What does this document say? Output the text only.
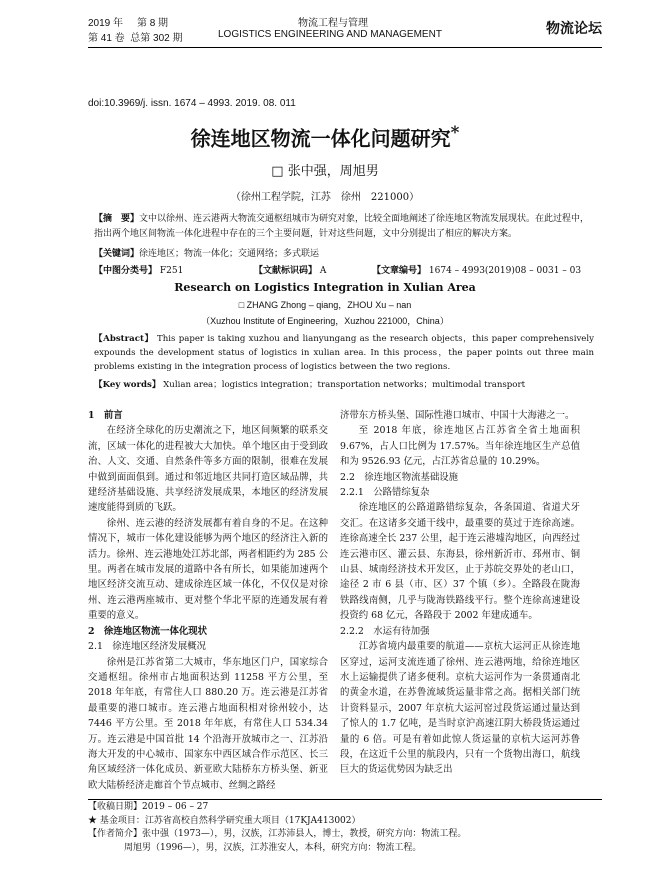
2019 年 第 8 期
第 41 卷 总第 302 期
物流工程与管理
LOGISTICS ENGINEERING AND MANAGEMENT	物流论坛
doi:10.3969/j. issn. 1674 – 4993. 2019. 08. 011
徐连地区物流一体化问题研究*
□ 张中强，周旭男
（徐州工程学院，江苏　徐州　221000）
【摘　要】文中以徐州、连云港两大物流交通枢纽城市为研究对象，比较全面地阐述了徐连地区物流发展现状。在此过程中，指出两个地区间物流一体化进程中存在的三个主要问题，针对这些问题，文中分别提出了相应的解决方案。
【关键词】徐连地区；物流一体化；交通网络；多式联运
【中图分类号】 F251	【文献标识码】 A	【文章编号】 1674 – 4993(2019)08 – 0031 – 03
Research on Logistics Integration in Xulian Area
□ ZHANG Zhong – qiang，ZHOU Xu – nan
（Xuzhou Institute of Engineering，Xuzhou 221000，China）
【Abstract】 This paper is taking xuzhou and lianyungang as the research objects，this paper comprehensively expounds the development status of logistics in xulian area. In this process，the paper points out three main problems existing in the integration process of logistics between the two regions.
【Key words】 Xulian area；logistics integration；transportation networks；multimodal transport
1　前言

在经济全球化的历史潮流之下，地区间频繁的联系交流，区域一体化的进程被大大加快。单个地区由于受到政治、人文、交通、自然条件等多方面的限制，很难在发展中做到面面俱到。通过和邻近地区共同打造区域品牌，共建经济基础设施、共享经济发展成果，本地区的经济发展速度能得到质的飞跃。

徐州、连云港的经济发展都有着自身的不足。在这种情况下，城市一体化建设能够为两个地区的经济注入新的活力。徐州、连云港地处江苏北部，两者相距约为 285 公里。两者在城市发展的道路中各有所长，如果能加速两个地区经济交流互动、建成徐连区域一体化，不仅仅是对徐州、连云港两座城市、更对整个华北平原的连通发展有着重要的意义。

2　徐连地区物流一体化现状
2.1　徐连地区经济发展概况

徐州是江苏省第二大城市，华东地区门户，国家综合交通枢纽。徐州市占地面积达到 11258 平方公里，至 2018 年年底，有常住人口 880.20 万。连云港是江苏省最重要的港口城市。连云港占地面积相对徐州较小，达 7446 平方公里。至 2018 年年底，有常住人口 534.34 万。连云港是中国首批 14 个沿海开放城市之一、江苏沿海大开发的中心城市、国家东中西区域合作示范区、长三角区域经济一体化成员、新亚欧大陆桥东方桥头堡、新亚欧大陆桥经济走廊首个节点城市、丝绸之路经

济带东方桥头堡、国际性港口城市、中国十大海港之一。

至 2018 年底，徐连地区占江苏省全省土地面积 9.67%，占人口比例为 17.57%。当年徐连地区生产总值和为 9526.93 亿元，占江苏省总量的 10.29%。

2.2　徐连地区物流基础设施
2.2.1　公路错综复杂

徐连地区的公路道路错综复杂，各条国道、省道犬牙交汇。在这诸多交通干线中，最重要的莫过于连徐高速。连徐高速全长 237 公里，起于连云港墟沟地区，向西经过连云港市区、灌云县、东海县，徐州新沂市、邳州市、铜山县、城南经济技术开发区，止于苏皖交界处的老山口，途径 2 市 6 县（市、区）37 个镇（乡）。全路段在陇海铁路线南侧，几乎与陇海铁路线平行。整个连徐高速建设投资约 68 亿元，各路段于 2002 年建成通车。

2.2.2　水运有待加强

江苏省境内最重要的航道——京杭大运河正从徐连地区穿过，运河支流连通了徐州、连云港两地，给徐连地区水上运输提供了诸多便利。京杭大运河作为一条贯通南北的黄金水道，在苏鲁流域货运量非常之高。据相关部门统计资料显示，2007 年京杭大运河窑过段货运通过量达到了惊人的 1.7 亿吨，是当时京沪高速江阴大桥段货运通过量的 6 倍。可是有着如此惊人货运量的京杭大运河苏鲁段，在这近千公里的航段内，只有一个货物出海口，航线巨大的货运优势因为缺乏出

【收稿日期】2019 – 06 – 27
★ 基金项目：江苏省高校自然科学研究重大项目（17KJA413002）
【作者简介】张中强（1973—），男，汉族，江苏沛县人，博士，教授，研究方向：物流工程。
周旭男（1996—），男，汉族，江苏淮安人，本科，研究方向：物流工程。
